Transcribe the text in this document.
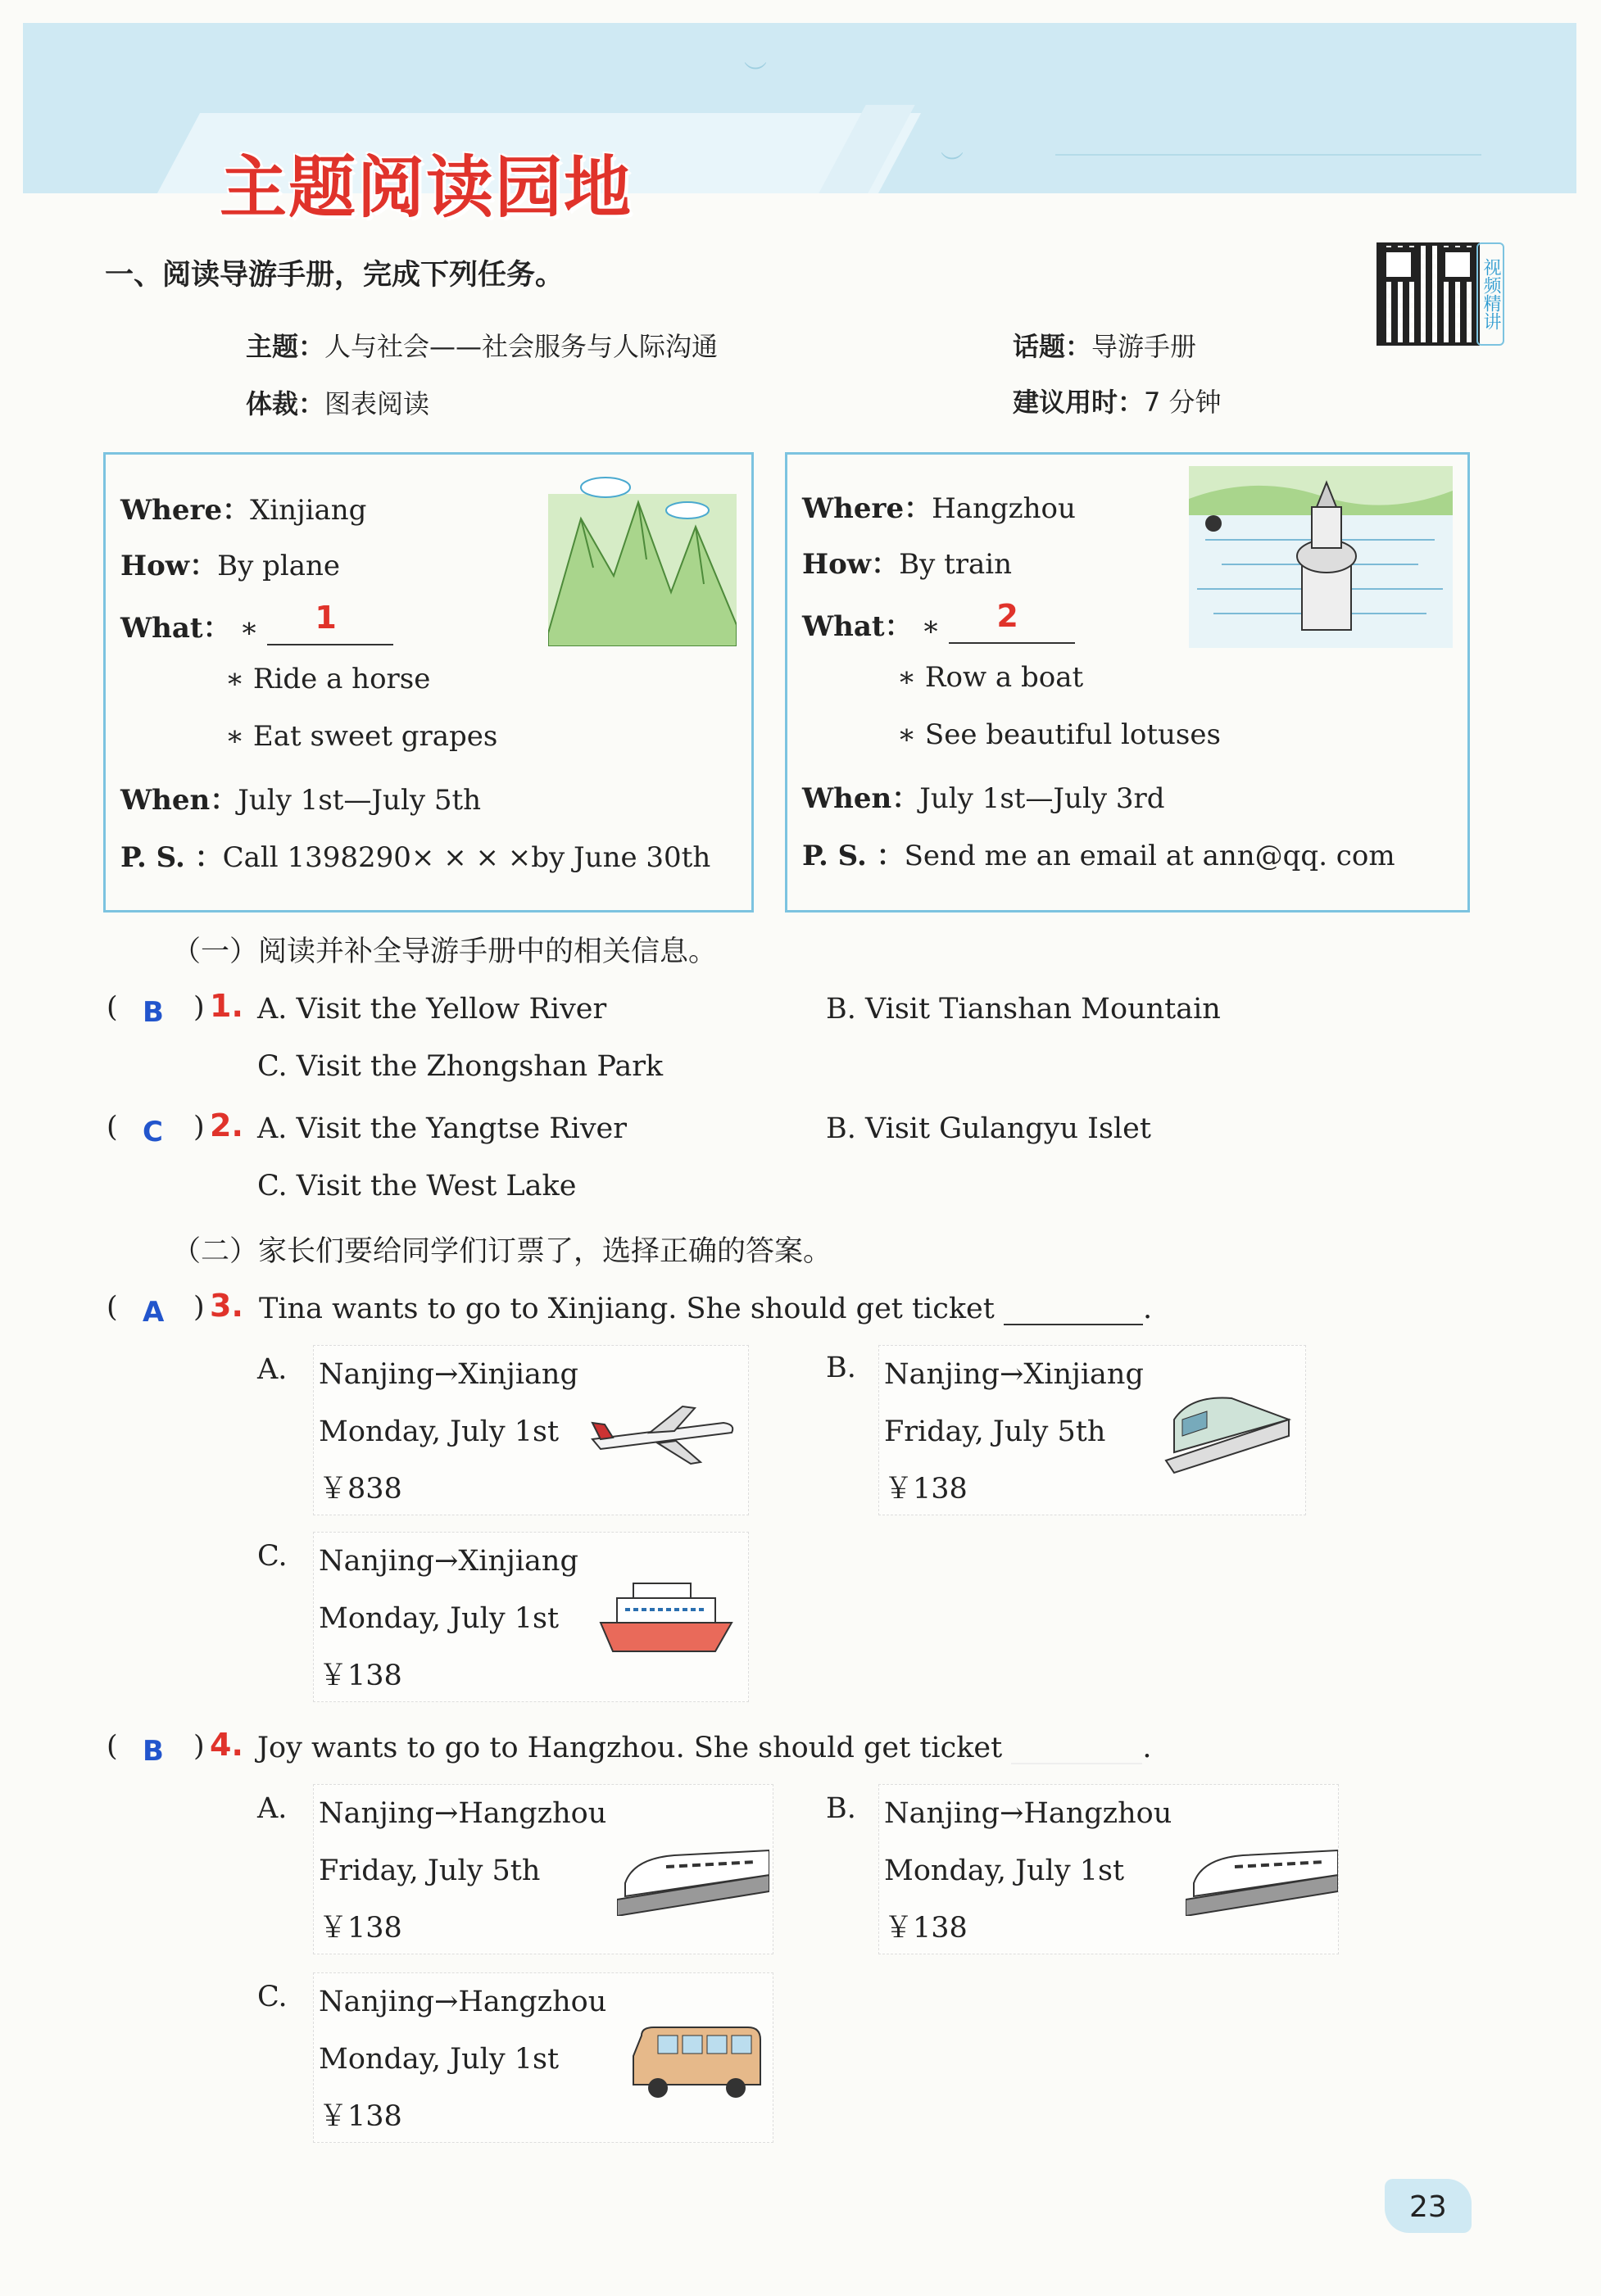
︶
︶
主题阅读园地
一、阅读导游手册，完成下列任务。
主题：人与社会——社会服务与人际沟通	话题：导游手册
体裁：图表阅读	建议用时：7 分钟
视频精讲
Where：Xinjiang
How：By plane
What： ∗ 1
∗ Ride a horse
∗ Eat sweet grapes
When：July 1st—July 5th
P. S. ：Call 1398290× × × ×by June 30th
Where：Hangzhou
How：By train
What： ∗ 2
∗ Row a boat
∗ See beautiful lotuses
When：July 1st—July 3rd
P. S. ：Send me an email at ann@qq. com
（一）阅读并补全导游手册中的相关信息。
( B ) 1. A. Visit the Yellow River	B. Visit Tianshan Mountain
C. Visit the Zhongshan Park
( C ) 2. A. Visit the Yangtse River	B. Visit Gulangyu Islet
C. Visit the West Lake
（二）家长们要给同学们订票了，选择正确的答案。
( A ) 3. Tina wants to go to Xinjiang. She should get ticket	.
A. Nanjing→Xinjiang
Monday, July 1st
￥838
B. Nanjing→Xinjiang
Friday, July 5th
￥138
C. Nanjing→Xinjiang
Monday, July 1st
￥138
( B ) 4. Joy wants to go to Hangzhou. She should get ticket	.
A. Nanjing→Hangzhou
Friday, July 5th
￥138
B. Nanjing→Hangzhou
Monday, July 1st
￥138
C. Nanjing→Hangzhou
Monday, July 1st
￥138
23
